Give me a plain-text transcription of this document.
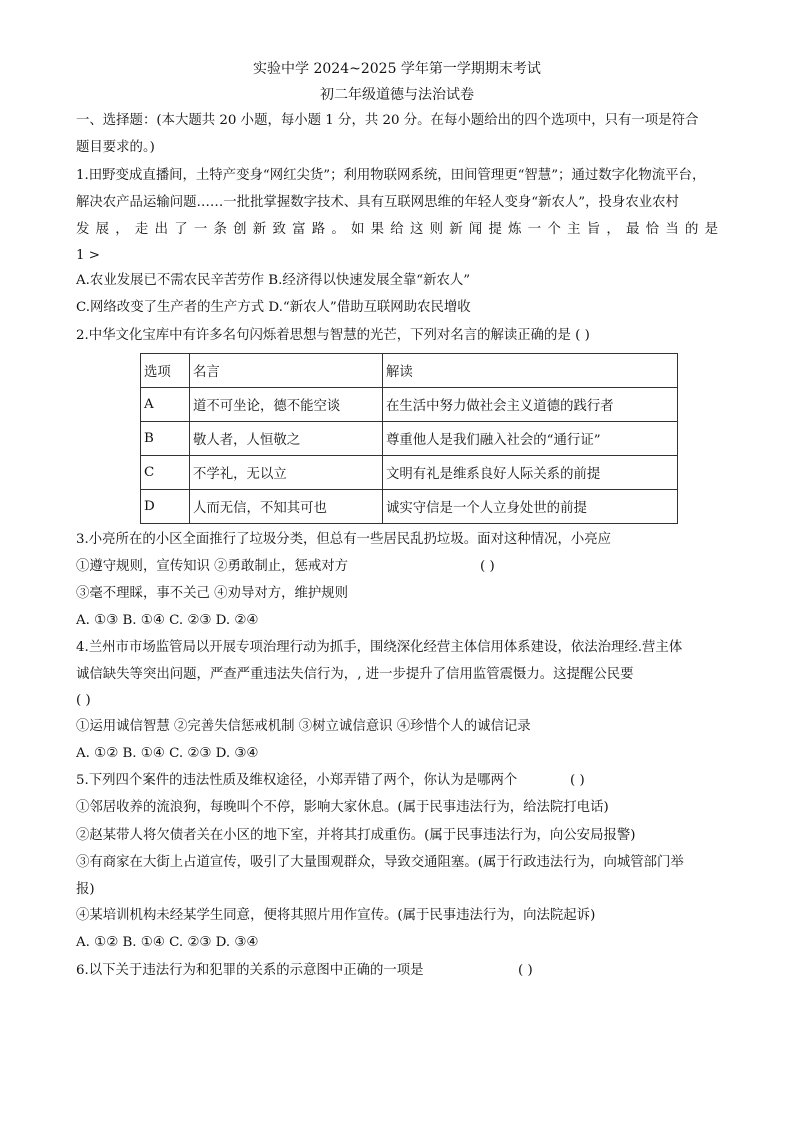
实验中学 2024~2025 学年第一学期期末考试
初二年级道德与法治试卷
一、选择题：(本大题共 20 小题，每小题 1 分，共 20 分。在每小题给出的四个选项中，只有一项是符合
题目要求的。)
1.田野变成直播间，土特产变身“网红尖货”；利用物联网系统，田间管理更“智慧”；通过数字化物流平台，
解决农产品运输问题……一批批掌握数字技术、具有互联网思维的年轻人变身“新农人”，投身农业农村
发展，走出了一条创新致富路。如果给这则新闻提炼一个主旨，最恰当的是
1 >
A.农业发展已不需农民辛苦劳作 B.经济得以快速发展全靠“新农人”
C.网络改变了生产者的生产方式 D.“新农人”借助互联网助农民增收
2.中华文化宝库中有许多名句闪烁着思想与智慧的光芒，下列对名言的解读正确的是 ( )
选项	名言	解读
A	道不可坐论，德不能空谈	在生活中努力做社会主义道德的践行者
B	敬人者，人恒敬之	尊重他人是我们融入社会的“通行证”
C	不学礼，无以立	文明有礼是维系良好人际关系的前提
D	人而无信，不知其可也	诚实守信是一个人立身处世的前提
3.小亮所在的小区全面推行了垃圾分类，但总有一些居民乱扔垃圾。面对这种情况，小亮应
①遵守规则，宣传知识 ②勇敢制止，惩戒对方	( )
③毫不理睬，事不关己 ④劝导对方，维护规则
A. ①③ B. ①④ C. ②③ D. ②④
4.兰州市市场监管局以开展专项治理行动为抓手，围绕深化经营主体信用体系建设，依法治理经.营主体
诚信缺失等突出问题，严查严重违法失信行为，, 进一步提升了信用监管震慑力。这提醒公民要
( )
①运用诚信智慧 ②完善失信惩戒机制 ③树立诚信意识 ④珍惜个人的诚信记录
A. ①② B. ①④ C. ②③ D. ③④
5.下列四个案件的违法性质及维权途径，小郑弄错了两个，你认为是哪两个	( )
①邻居收养的流浪狗，每晚叫个不停，影响大家休息。(属于民事违法行为，给法院打电话)
②赵某带人将欠债者关在小区的地下室，并将其打成重伤。(属于民事违法行为，向公安局报警)
③有商家在大街上占道宣传，吸引了大量围观群众，导致交通阻塞。(属于行政违法行为，向城管部门举
报)
④某培训机构未经某学生同意，便将其照片用作宣传。(属于民事违法行为，向法院起诉)
A. ①② B. ①④ C. ②③ D. ③④
6.以下关于违法行为和犯罪的关系的示意图中正确的一项是	( )
